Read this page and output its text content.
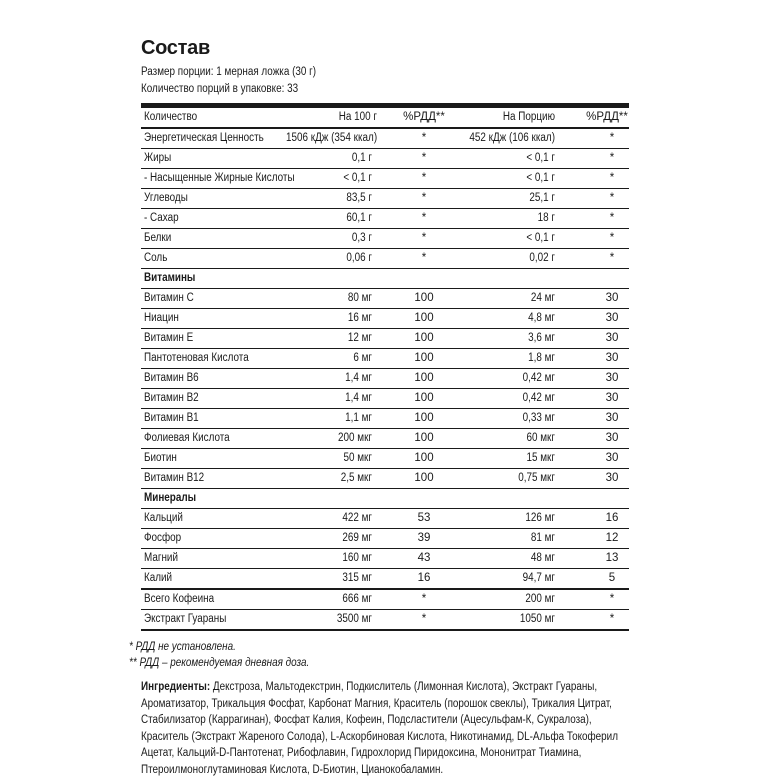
Состав
Размер порции: 1 мерная ложка (30 г)
Количество порций в упаковке: 33
Количество	На 100 г	%РДД**	На Порцию	%РДД**
Энергетическая Ценность	1506 кДж (354 ккал)	*	452 кДж (106 ккал)	*
Жиры	0,1 г	*	< 0,1 г	*
- Насыщенные Жирные Кислоты	< 0,1 г	*	< 0,1 г	*
Углеводы	83,5 г	*	25,1 г	*
- Сахар	60,1 г	*	18 г	*
Белки	0,3 г	*	< 0,1 г	*
Соль	0,06 г	*	0,02 г	*
Витамины
Витамин С	80 мг	100	24 мг	30
Ниацин	16 мг	100	4,8 мг	30
Витамин Е	12 мг	100	3,6 мг	30
Пантотеновая Кислота	6 мг	100	1,8 мг	30
Витамин В6	1,4 мг	100	0,42 мг	30
Витамин В2	1,4 мг	100	0,42 мг	30
Витамин В1	1,1 мг	100	0,33 мг	30
Фолиевая Кислота	200 мкг	100	60 мкг	30
Биотин	50 мкг	100	15 мкг	30
Витамин В12	2,5 мкг	100	0,75 мкг	30
Минералы
Кальций	422 мг	53	126 мг	16
Фосфор	269 мг	39	81 мг	12
Магний	160 мг	43	48 мг	13
Калий	315 мг	16	94,7 мг	5
Всего Кофеина	666 мг	*	200 мг	*
Экстракт Гуараны	3500 мг	*	1050 мг	*
* РДД не установлена.
** РДД – рекомендуемая дневная доза.
Ингредиенты: Декстроза, Мальтодекстрин, Подкислитель (Лимонная Кислота), Экстракт Гуараны, Ароматизатор, Трикальция Фосфат, Карбонат Магния, Краситель (порошок свеклы), Трикалия Цитрат, Стабилизатор (Каррагинан), Фосфат Калия, Кофеин, Подсластители (Ацесульфам-К, Сукралоза), Краситель (Экстракт Жареного Солода), L-Аскорбиновая Кислота, Никотинамид, DL-Альфа Токоферил Ацетат, Кальций-D-Пантотенат, Рибофлавин, Гидрохлорид Пиридоксина, Мононитрат Тиамина, Птероилмоноглутаминовая Кислота, D-Биотин, Цианокобаламин.
